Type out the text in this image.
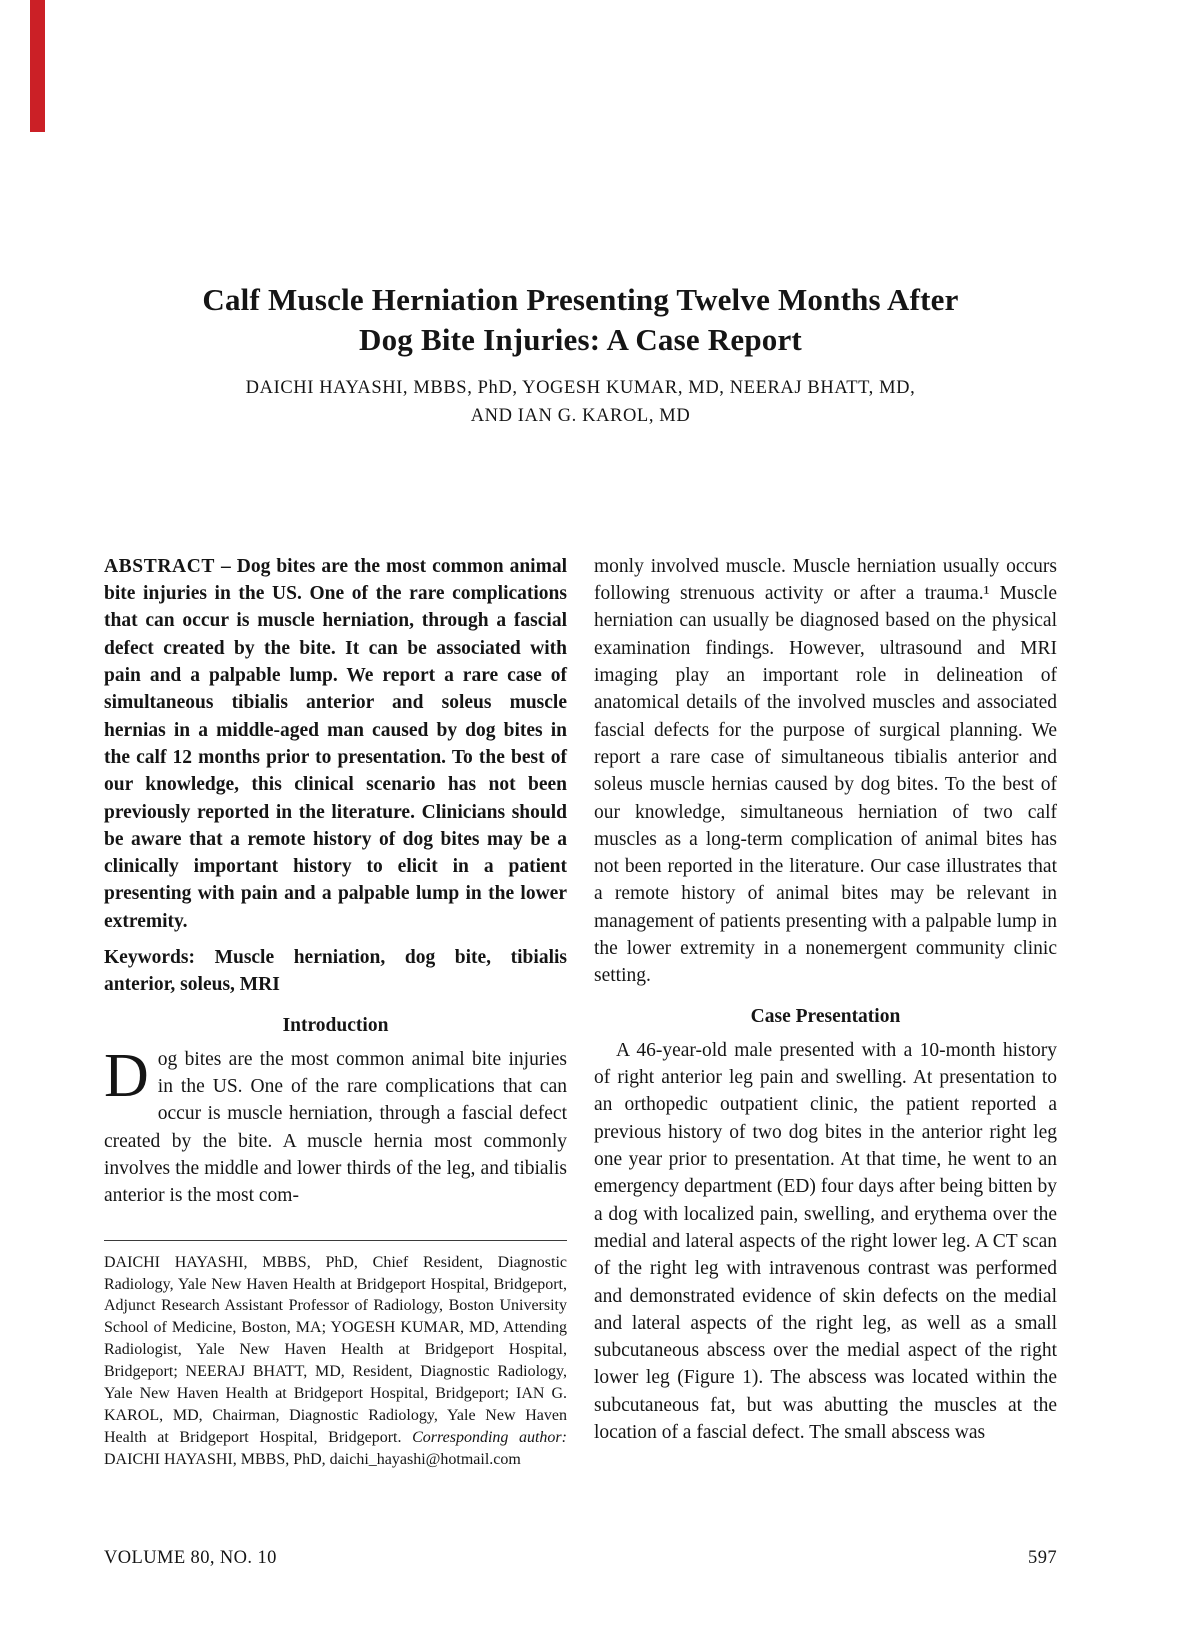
Calf Muscle Herniation Presenting Twelve Months After
Dog Bite Injuries: A Case Report
DAICHI HAYASHI, MBBS, PhD, YOGESH KUMAR, MD, NEERAJ BHATT, MD,
AND IAN G. KAROL, MD

ABSTRACT – Dog bites are the most common animal bite injuries in the US. One of the rare complications that can occur is muscle herniation, through a fascial defect created by the bite. It can be associated with pain and a palpable lump. We report a rare case of simultaneous tibialis anterior and soleus muscle hernias in a middle-aged man caused by dog bites in the calf 12 months prior to presentation. To the best of our knowledge, this clinical scenario has not been previously reported in the literature. Clinicians should be aware that a remote history of dog bites may be a clinically important history to elicit in a patient presenting with pain and a palpable lump in the lower extremity.

Keywords: Muscle herniation, dog bite, tibialis anterior, soleus, MRI

Introduction

Dog bites are the most common animal bite injuries in the US. One of the rare complications that can occur is muscle herniation, through a fascial defect created by the bite. A muscle hernia most commonly involves the middle and lower thirds of the leg, and tibialis anterior is the most com-

DAICHI HAYASHI, MBBS, PhD, Chief Resident, Diagnostic Radiology, Yale New Haven Health at Bridgeport Hospital, Bridgeport, Adjunct Research Assistant Professor of Radiology, Boston University School of Medicine, Boston, MA; YOGESH KUMAR, MD, Attending Radiologist, Yale New Haven Health at Bridgeport Hospital, Bridgeport; NEERAJ BHATT, MD, Resident, Diagnostic Radiology, Yale New Haven Health at Bridgeport Hospital, Bridgeport; IAN G. KAROL, MD, Chairman, Diagnostic Radiology, Yale New Haven Health at Bridgeport Hospital, Bridgeport. Corresponding author: DAICHI HAYASHI, MBBS, PhD, daichi_hayashi@hotmail.com

monly involved muscle. Muscle herniation usually occurs following strenuous activity or after a trauma.¹ Muscle herniation can usually be diagnosed based on the physical examination findings. However, ultrasound and MRI imaging play an important role in delineation of anatomical details of the involved muscles and associated fascial defects for the purpose of surgical planning. We report a rare case of simultaneous tibialis anterior and soleus muscle hernias caused by dog bites. To the best of our knowledge, simultaneous herniation of two calf muscles as a long-term complication of animal bites has not been reported in the literature. Our case illustrates that a remote history of animal bites may be relevant in management of patients presenting with a palpable lump in the lower extremity in a nonemergent community clinic setting.

Case Presentation

A 46-year-old male presented with a 10-month history of right anterior leg pain and swelling. At presentation to an orthopedic outpatient clinic, the patient reported a previous history of two dog bites in the anterior right leg one year prior to presentation. At that time, he went to an emergency department (ED) four days after being bitten by a dog with localized pain, swelling, and erythema over the medial and lateral aspects of the right lower leg. A CT scan of the right leg with intravenous contrast was performed and demonstrated evidence of skin defects on the medial and lateral aspects of the right leg, as well as a small subcutaneous abscess over the medial aspect of the right lower leg (Figure 1). The abscess was located within the subcutaneous fat, but was abutting the muscles at the location of a fascial defect. The small abscess was

VOLUME 80, NO. 10	597
